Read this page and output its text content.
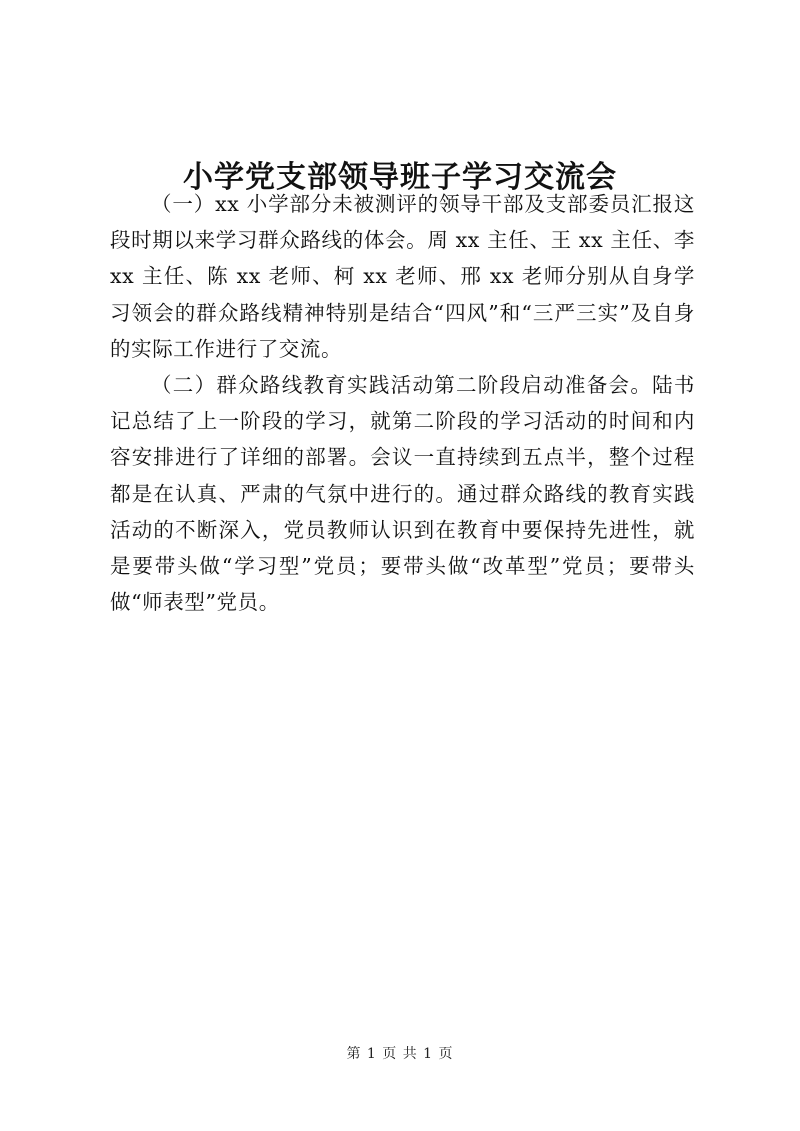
小学党支部领导班子学习交流会

（一）xx 小学部分未被测评的领导干部及支部委员汇报这段时期以来学习群众路线的体会。周 xx 主任、王 xx 主任、李 xx 主任、陈 xx 老师、柯 xx 老师、邢 xx 老师分别从自身学习领会的群众路线精神特别是结合“四风”和“三严三实”及自身的实际工作进行了交流。

（二）群众路线教育实践活动第二阶段启动准备会。陆书记总结了上一阶段的学习，就第二阶段的学习活动的时间和内容安排进行了详细的部署。会议一直持续到五点半，整个过程都是在认真、严肃的气氛中进行的。通过群众路线的教育实践活动的不断深入，党员教师认识到在教育中要保持先进性，就是要带头做“学习型”党员；要带头做“改革型”党员；要带头做“师表型”党员。

第 1 页 共 1 页
